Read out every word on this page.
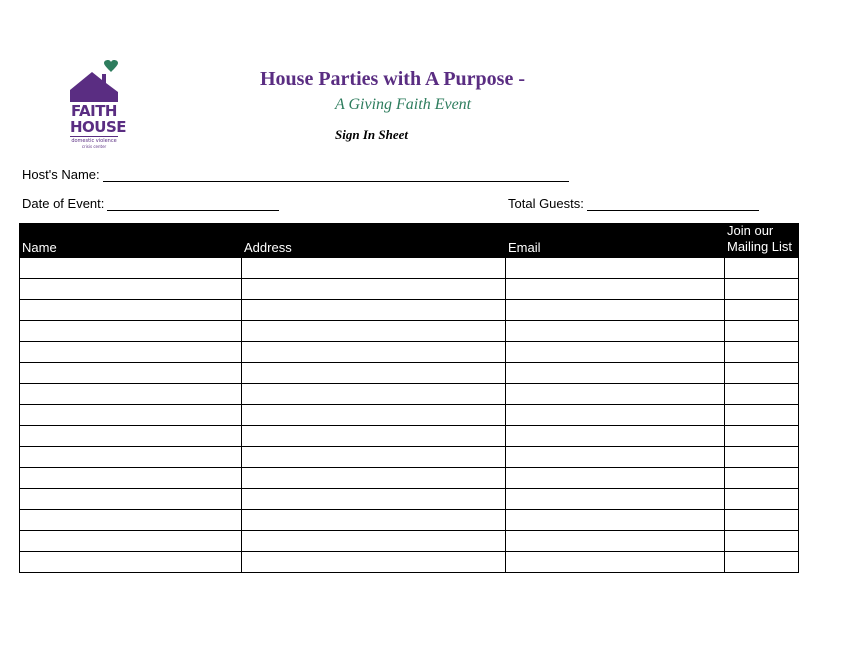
FAITH
HOUSE
domestic violence
crisis center
House Parties with A Purpose -
A Giving Faith Event
Sign In Sheet
Host's Name:
Date of Event:	Total Guests:
Name	Address	Email	Join our Mailing List
